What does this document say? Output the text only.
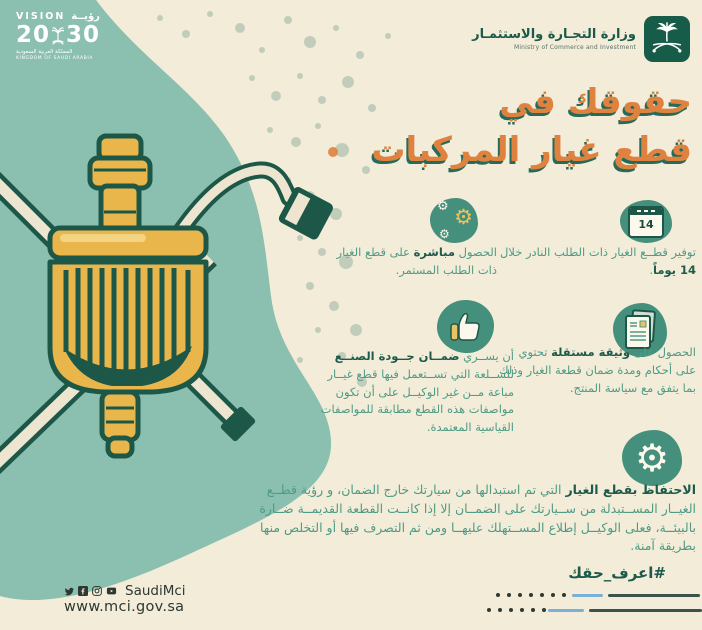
VISION رؤيــة
20 30
المملكة العربية السعودية
KINGDOM OF SAUDI ARABIA
وزارة التجـارة والاستثمـار
Ministry of Commerce and Investment
حقوقك في
قطع غيار المركبات
⚙ ⚙
⚙
الحصول مباشرة على قطع الغيار ذات الطلب المستمر.
14
توفير قطــع الغيار ذات الطلب النادر خلال 14 يوماً.
أن يســري ضمــان جــودة الصنــع للســلعة التي تســتعمل فيها قطع غيــار مباعة مــن غير الوكيــل على أن تكون مواصفات هذه القطع مطابقة للمواصفات القياسية المعتمدة.
الحصول على وثيقة مستقلة تحتوي على أحكام ومدة ضمان قطعة الغيار وذلك بما يتفق مع سياسة المنتج.
⚙
الاحتفاظ بقطع الغيار التي تم استبدالها من سيارتك خارج الضمان، و رؤية قطــع الغيــار المســتبدلة من ســيارتك على الضمــان إلا إذا كانــت القطعة القديمــة ضــارة بالبيئــة، فعلى الوكيــل إطلاع المســتهلك عليهــا ومن ثم التصرف فيها أو التخلص منها بطريقة آمنة.
#اعرف_حقك
SaudiMci
www.mci.gov.sa
